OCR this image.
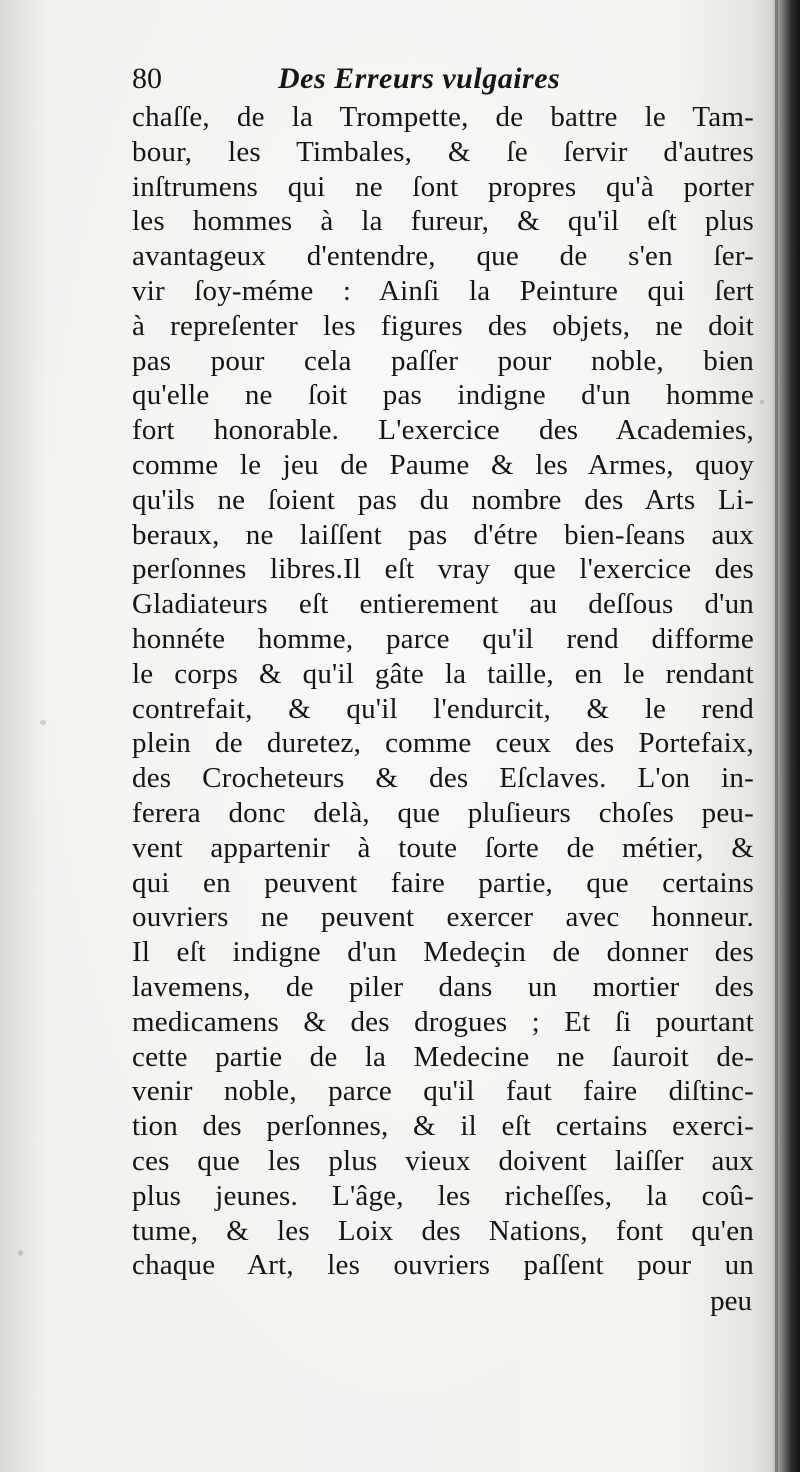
80	Des Erreurs vulgaires
chaſſe, de la Trompette, de battre le Tam-
bour, les Timbales, & ſe ſervir d'autres
inſtrumens qui ne ſont propres qu'à porter
les hommes à la fureur, & qu'il eſt plus
avantageux d'entendre, que de s'en ſer-
vir ſoy-méme : Ainſi la Peinture qui ſert
à repreſenter les figures des objets, ne doit
pas pour cela paſſer pour noble, bien
qu'elle ne ſoit pas indigne d'un homme
fort honorable. L'exercice des Academies,
comme le jeu de Paume & les Armes, quoy
qu'ils ne ſoient pas du nombre des Arts Li-
beraux, ne laiſſent pas d'étre bien-ſeans aux
perſonnes libres.Il eſt vray que l'exercice des
Gladiateurs eſt entierement au deſſous d'un
honnéte homme, parce qu'il rend difforme
le corps & qu'il gâte la taille, en le rendant
contrefait, & qu'il l'endurcit, & le rend
plein de duretez, comme ceux des Portefaix,
des Crocheteurs & des Eſclaves. L'on in-
ferera donc delà, que pluſieurs choſes peu-
vent appartenir à toute ſorte de métier, &
qui en peuvent faire partie, que certains
ouvriers ne peuvent exercer avec honneur.
Il eſt indigne d'un Medeçin de donner des
lavemens, de piler dans un mortier des
medicamens & des drogues ; Et ſi pourtant
cette partie de la Medecine ne ſauroit de-
venir noble, parce qu'il faut faire diſtinc-
tion des perſonnes, & il eſt certains exerci-
ces que les plus vieux doivent laiſſer aux
plus jeunes. L'âge, les richeſſes, la coû-
tume, & les Loix des Nations, font qu'en
chaque Art, les ouvriers paſſent pour un
peu
